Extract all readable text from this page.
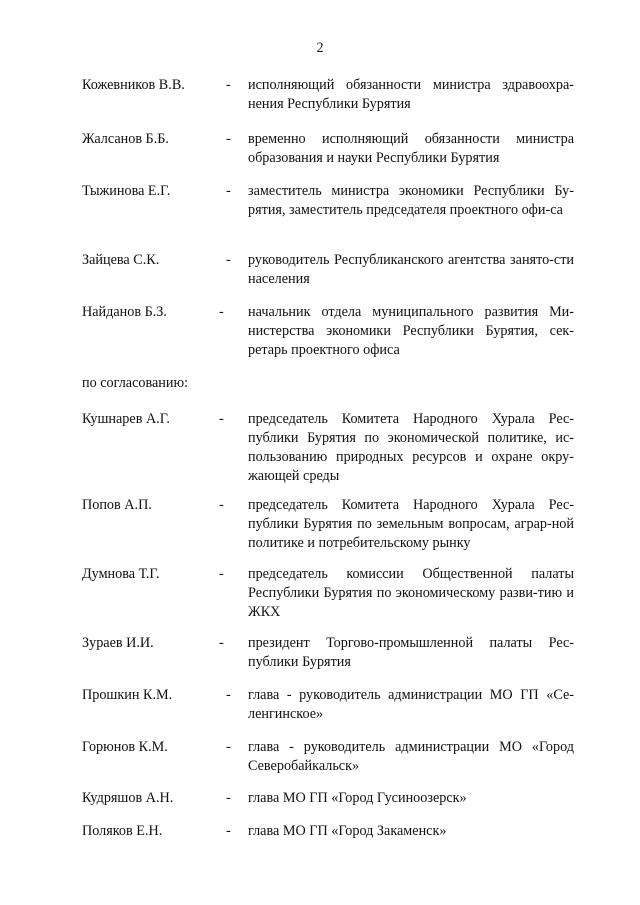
2
Кожевников В.В.	- исполняющий обязанности министра здравоохра-нения Республики Бурятия
Жалсанов Б.Б.	- временно исполняющий обязанности министра образования и науки Республики Бурятия
Тыжинова Е.Г.	- заместитель министра экономики Республики Бу-рятия, заместитель председателя проектного офи-са
Зайцева С.К.	- руководитель Республиканского агентства занято-сти населения
Найданов Б.З.	- начальник отдела муниципального развития Ми-нистерства экономики Республики Бурятия, сек-ретарь проектного офиса
по согласованию:
Кушнарев А.Г.	- председатель Комитета Народного Хурала Рес-публики Бурятия по экономической политике, ис-пользованию природных ресурсов и охране окру-жающей среды
Попов А.П.	- председатель Комитета Народного Хурала Рес-публики Бурятия по земельным вопросам, аграр-ной политике и потребительскому рынку
Думнова Т.Г.	- председатель комиссии Общественной палаты Республики Бурятия по экономическому разви-тию и ЖКХ
Зураев И.И.	- президент Торгово-промышленной палаты Рес-публики Бурятия
Прошкин К.М.	- глава - руководитель администрации МО ГП «Се-ленгинское»
Горюнов К.М.	- глава - руководитель администрации МО «Город Северобайкальск»
Кудряшов А.Н.	- глава МО ГП «Город Гусиноозерск»
Поляков Е.Н.	- глава МО ГП «Город Закаменск»
